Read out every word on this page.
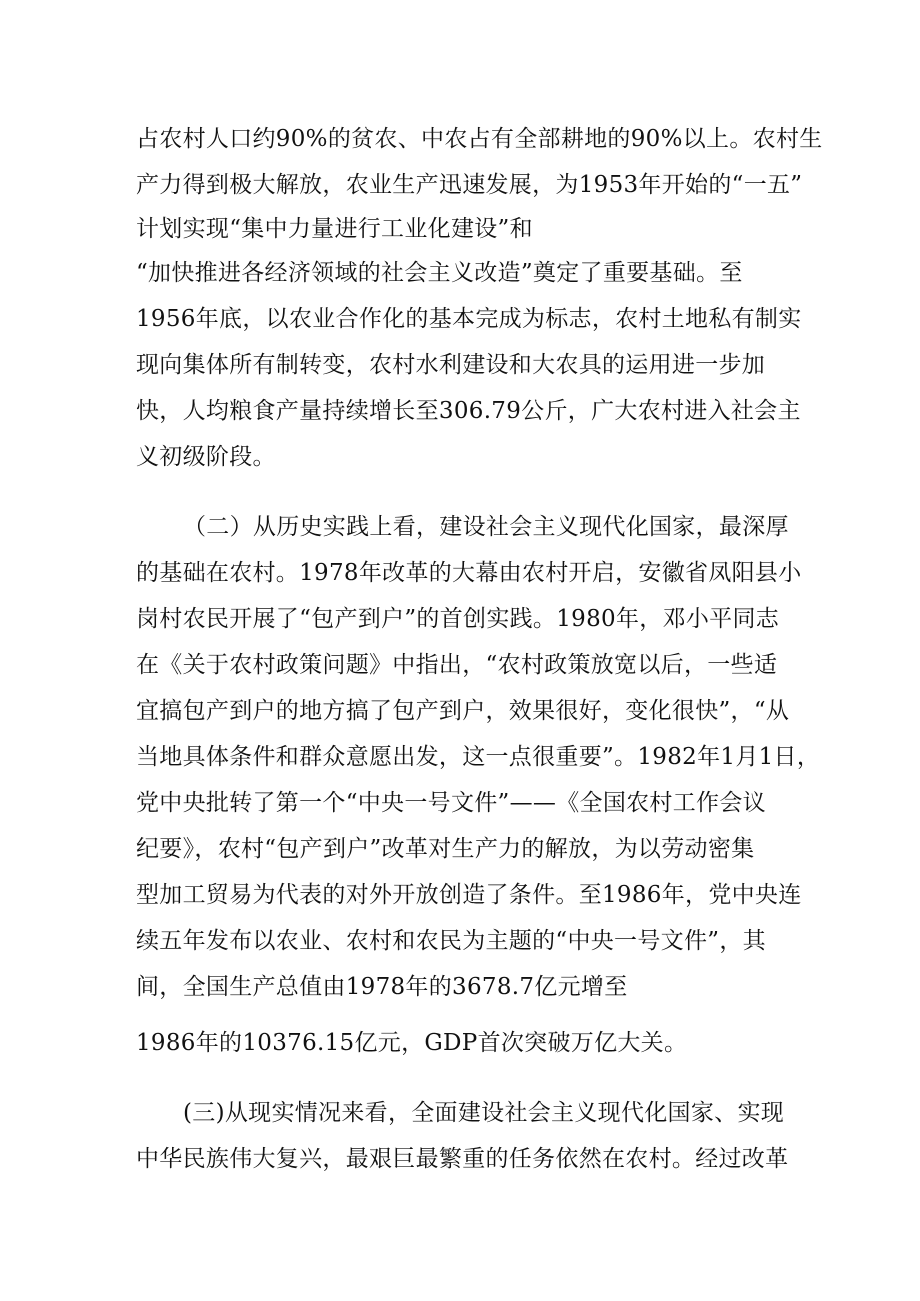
占农村人口约90%的贫农、中农占有全部耕地的90%以上。农村生
产力得到极大解放，农业生产迅速发展，为1953年开始的“一五”
计划实现“集中力量进行工业化建设”和
“加快推进各经济领域的社会主义改造”奠定了重要基础。至
1956年底，以农业合作化的基本完成为标志，农村土地私有制实
现向集体所有制转变，农村水利建设和大农具的运用进一步加
快，人均粮食产量持续增长至306.79公斤，广大农村进入社会主
义初级阶段。
（二）从历史实践上看，建设社会主义现代化国家，最深厚
的基础在农村。1978年改革的大幕由农村开启，安徽省凤阳县小
岗村农民开展了“包产到户”的首创实践。1980年，邓小平同志
在《关于农村政策问题》中指出，“农村政策放宽以后，一些适
宜搞包产到户的地方搞了包产到户，效果很好，变化很快”，“从
当地具体条件和群众意愿出发，这一点很重要”。1982年1月1日，
党中央批转了第一个“中央一号文件”——《全国农村工作会议
纪要》，农村“包产到户”改革对生产力的解放，为以劳动密集
型加工贸易为代表的对外开放创造了条件。至1986年，党中央连
续五年发布以农业、农村和农民为主题的“中央一号文件”，其
间，全国生产总值由1978年的3678.7亿元增至
1986年的10376.15亿元，GDP首次突破万亿大关。
(三)从现实情况来看，全面建设社会主义现代化国家、实现
中华民族伟大复兴，最艰巨最繁重的任务依然在农村。经过改革
